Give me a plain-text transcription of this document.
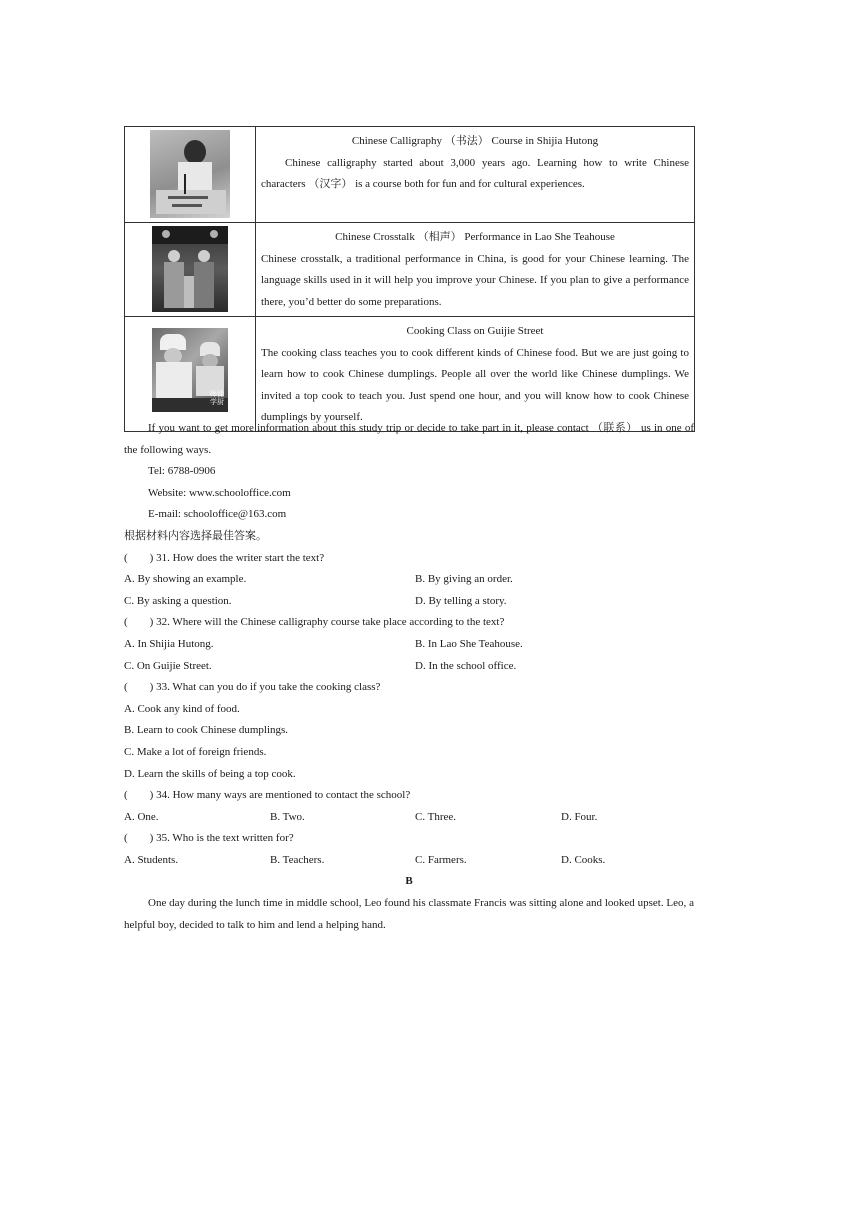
	Chinese Calligraphy （书法） Course in Shijia Hutong
Chinese calligraphy started about 3,000 years ago. Learning how to write Chinese characters （汉字） is a course both for fun and for cultural experiences.

	Chinese Crosstalk （相声） Performance in Lao She Teahouse
Chinese crosstalk, a traditional performance in China, is good for your Chinese learning. The language skills used in it will help you improve your Chinese. If you plan to give a performance there, you’d better do some preparations.

师徒学厨	Cooking Class on Guijie Street
The cooking class teaches you to cook different kinds of Chinese food. But we are just going to learn how to cook Chinese dumplings. People all over the world like Chinese dumplings. We invited a top cook to teach you. Just spend one hour, and you will know how to cook Chinese dumplings by yourself.
If you want to get more information about this study trip or decide to take part in it, please contact （联系） us in one of the following ways.
Tel: 6788-0906
Website: www.schooloffice.com
E-mail: schooloffice@163.com
根据材料内容选择最佳答案。
(　　) 31. How does the writer start the text?
A. By showing an example.	B. By giving an order.
C. By asking a question.	D. By telling a story.
(　　) 32. Where will the Chinese calligraphy course take place according to the text?
A. In Shijia Hutong.	B. In Lao She Teahouse.
C. On Guijie Street.	D. In the school office.
(　　) 33. What can you do if you take the cooking class?
A. Cook any kind of food.
B. Learn to cook Chinese dumplings.
C. Make a lot of foreign friends.
D. Learn the skills of being a top cook.
(　　) 34. How many ways are mentioned to contact the school?
A. One.	B. Two.	C. Three.	D. Four.
(　　) 35. Who is the text written for?
A. Students.	B. Teachers.	C. Farmers.	D. Cooks.
B
One day during the lunch time in middle school, Leo found his classmate Francis was sitting alone and looked upset. Leo, a helpful boy, decided to talk to him and lend a helping hand.
